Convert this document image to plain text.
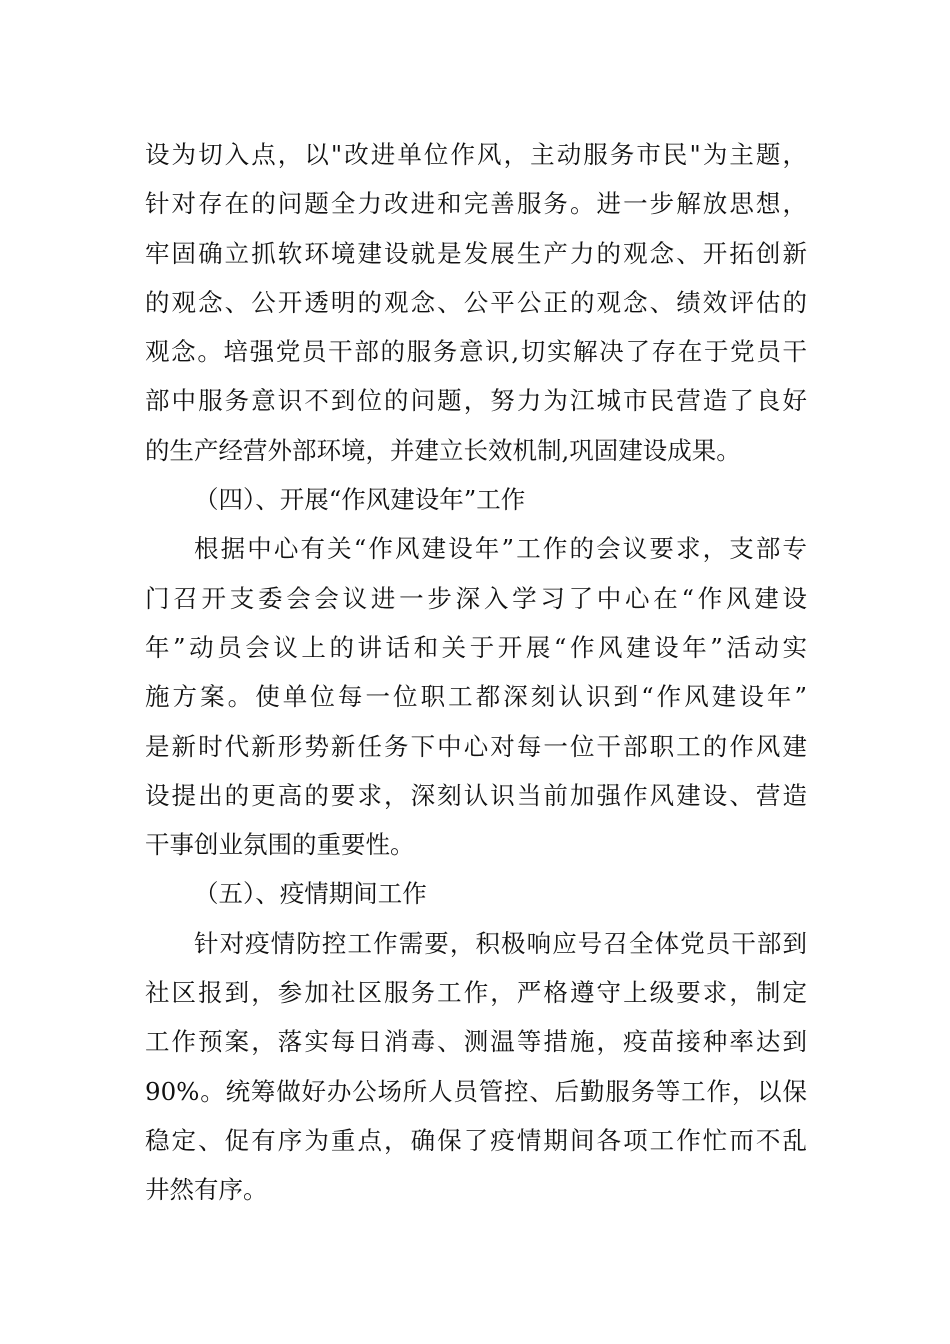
设为切入点，以"改进单位作风，主动服务市民"为主题，
针对存在的问题全力改进和完善服务。进一步解放思想，
牢固确立抓软环境建设就是发展生产力的观念、开拓创新
的观念、公开透明的观念、公平公正的观念、绩效评估的
观念。培强党员干部的服务意识,切实解决了存在于党员干
部中服务意识不到位的问题，努力为江城市民营造了良好
的生产经营外部环境，并建立长效机制,巩固建设成果。
（四）、开展“作风建设年”工作
根据中心有关“作风建设年”工作的会议要求，支部专
门召开支委会会议进一步深入学习了中心在“作风建设
年”动员会议上的讲话和关于开展“作风建设年”活动实
施方案。使单位每一位职工都深刻认识到“作风建设年”
是新时代新形势新任务下中心对每一位干部职工的作风建
设提出的更高的要求，深刻认识当前加强作风建设、营造
干事创业氛围的重要性。
（五）、疫情期间工作
针对疫情防控工作需要，积极响应号召全体党员干部到
社区报到，参加社区服务工作，严格遵守上级要求，制定
工作预案，落实每日消毒、测温等措施，疫苗接种率达到
90%。统筹做好办公场所人员管控、后勤服务等工作，以保
稳定、促有序为重点，确保了疫情期间各项工作忙而不乱
井然有序。
